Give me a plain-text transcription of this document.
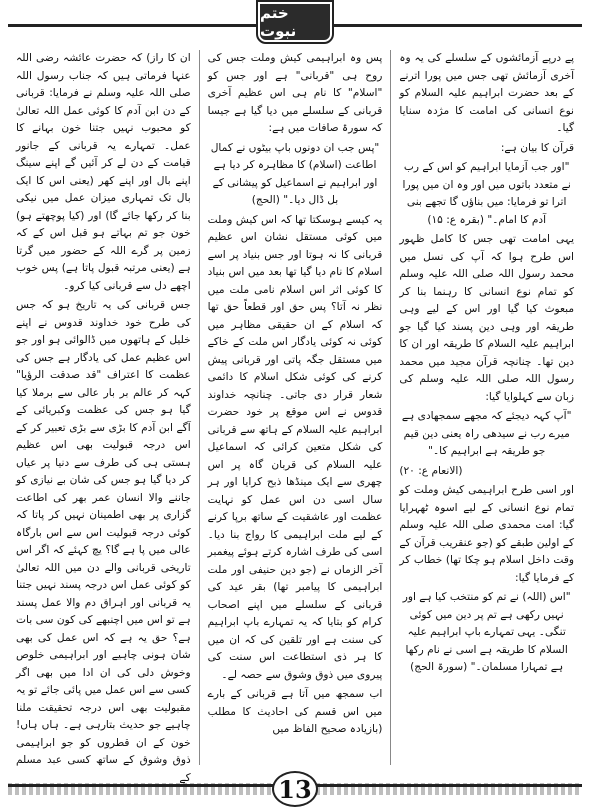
ختم نبوت

ان کا راز) کہ حضرت عائشہ رضی اللہ عنہا فرماتی ہیں کہ جناب رسول اللہ صلی اللہ علیہ وسلم نے فرمایا: قربانی کے دن ابن آدم کا کوئی عمل اللہ تعالیٰ کو محبوب نہیں جتنا خون بہانے کا عمل۔ تمہارے یہ قربانی کے جانور قیامت کے دن لے کر آئیں گے اپنے سینگ اپنے بال اور اپنے کھر (یعنی اس کا ایک بال تک تمہاری میزان عمل میں نیکی بنا کر رکھا جائے گا) اور (کیا پوچھتے ہو) خون جو تم بہاتے ہو قبل اس کے کہ زمین پر گرے اللہ کے حضور میں گرتا ہے (یعنی مرتبہ قبول پاتا ہے) پس خوب اچھے دل سے قربانی کیا کرو۔

جس قربانی کی یہ تاریخ ہو کہ جس کی طرح خود خداوند قدوس نے اپنے خلیل کے ہاتھوں میں ڈالوائی ہو اور جو اس عظیم عمل کی یادگار ہے جس کی عظمت کا اعتراف "قد صدقت الرؤیا" کہہ کر عالم بر بار عالی سے برملا کیا گیا ہو جس کی عظمت وکبریائی کے آگے ابن آدم کا بڑی سے بڑی تعبیر کر کے اس درجہ قبولیت بھی اس عظیم ہستی ہی کی طرف سے دنیا پر عیاں کر دیا گیا ہو جس کی شان بے نیازی کو جاننے والا انسان عمر بھر کی اطاعت گزاری پر بھی اطمینان نہیں کر پاتا کہ کوئی درجہ قبولیت اس سے اس بارگاہ عالی میں پا ہے گا؟ یچ کہئے کہ اگر اس تاریخی قربانی والے دن میں اللہ تعالیٰ کو کوئی عمل اس درجہ پسند نہیں جتنا یہ قربانی اور اہراق دم والا عمل پسند ہے تو اس میں اچنبھے کی کون سی بات ہے؟ حق یہ ہے کہ اس عمل کی بھی شان ہونی چاہیے اور ابراہیمی خلوص وخوش دلی کی ان ادا میں بھی اگر کسی سے اس عمل میں پائی جائے تو یہ مقبولیت بھی اس درجہ تحقیقت ملنا چاہیے جو حدیث بتارہی ہے۔ ہاں ہاں! خون کے ان قطروں کو جو ابراہیمی ذوق وشوق کے ساتھ کسی عبد مسلم کے

پس وہ ابراہیمی کیش وملت جس کی روح ہی "قربانی" ہے اور جس کو "اسلام" کا نام ہی اس عظیم آخری قربانی کے سلسلے میں دیا گیا ہے جیسا کہ سورۃ صافات میں ہے:

"پس جب ان دونوں باپ بیٹوں نے کمال اطاعت (اسلام) کا مظاہرہ کر دیا ہے اور ابراہیم نے اسماعیل کو پیشانی کے بل ڈال دیا۔" (الحج)

یہ کیسے ہوسکتا تھا کہ اس کیش وملت میں کوئی مستقل نشان اس عظیم قربانی کا نہ ہوتا اور جس بنیاد پر اسے اسلام کا نام دیا گیا تھا بعد میں اس بنیاد کا کوئی اثر اس اسلام نامی ملت میں نظر نہ آتا؟ پس حق اور قطعاً حق تھا کہ اسلام کے ان حقیقی مظاہر میں کوئی نہ کوئی یادگار اس ملت کے خاکے میں مستقل جگہ پاتی اور قربانی پیش کرنے کی کوئی شکل اسلام کا دائمی شعار قرار دی جاتی۔ چنانچہ خداوند قدوس نے اس موقع پر خود حضرت ابراہیم علیہ السلام کے ہاتھ سے قربانی کی شکل متعین کرائی کہ اسماعیل علیہ السلام کی قربان گاہ پر اس چھری سے ایک مینڈھا ذبح کرایا اور ہر سال اسی دن اس عمل کو نہایت عظمت اور عاشقیت کے ساتھ برپا کرنے کے لیے ملت ابراہیمی کا رواج بنا دیا۔ اسی کی طرف اشارہ کرتے ہوئے پیغمبر آخر الزماں نے (جو دین حنیفی اور ملت ابراہیمی کا پیامبر تھا) بقر عید کی قربانی کے سلسلے میں اپنے اصحاب کرام کو بتایا کہ یہ تمہارے باپ ابراہیم کی سنت ہے اور تلقین کی کہ ان میں کا ہر ذی استطاعت اس سنت کی پیروی میں ذوق وشوق سے حصہ لے۔

اب سمجھ میں آتا ہے قربانی کے بارے میں اس قسم کی احادیث کا مطلب (بازیادہ صحیح الفاظ میں

پے درپے آزمائشوں کے سلسلے کی یہ وہ آخری آزمائش تھی جس میں پورا اترنے کے بعد حضرت ابراہیم علیہ السلام کو نوع انسانی کی امامت کا مژدہ سنایا گیا۔

قرآن کا بیان ہے:

"اور جب آزمایا ابراہیم کو اس کے رب نے متعدد باتوں میں اور وہ ان میں پورا اترا تو فرمایا: میں بناؤں گا تجھے بنی آدم کا امام۔" (بقرہ ع: ۱۵)

یہی امامت تھی جس کا کامل ظہور اس طرح ہوا کہ آپ کی نسل میں محمد رسول اللہ صلی اللہ علیہ وسلم کو تمام نوع انسانی کا رہنما بنا کر مبعوث کیا گیا اور اس کے لیے وہی طریقہ اور وہی دین پسند کیا گیا جو ابراہیم علیہ السلام کا طریقہ اور ان کا دین تھا۔ چنانچہ قرآن مجید میں محمد رسول اللہ صلی اللہ علیہ وسلم کی زبان سے کہلوایا گیا:

"آپ کہہ دیجئے کہ مجھے سمجھادی ہے میرے رب نے سیدھی راہ یعنی دین قیم جو طریقہ ہے ابراہیم کا۔"

(الانعام ع: ۲۰)

اور اسی طرح ابراہیمی کیش وملت کو تمام نوع انسانی کے لیے اسوہ ٹھہرایا گیا: امت محمدی صلی اللہ علیہ وسلم کے اولین طبقے کو (جو عنقریب قرآن کے وقت داخل اسلام ہو چکا تھا) خطاب کر کے فرمایا گیا:

"اس (اللہ) نے تم کو منتخب کیا ہے اور نہیں رکھی ہے تم پر دین میں کوئی تنگی۔ یہی تمہارے باپ ابراہیم علیہ السلام کا طریقہ ہے اسی نے نام رکھا ہے تمہارا مسلمان۔" (سورۃ الحج)

13
